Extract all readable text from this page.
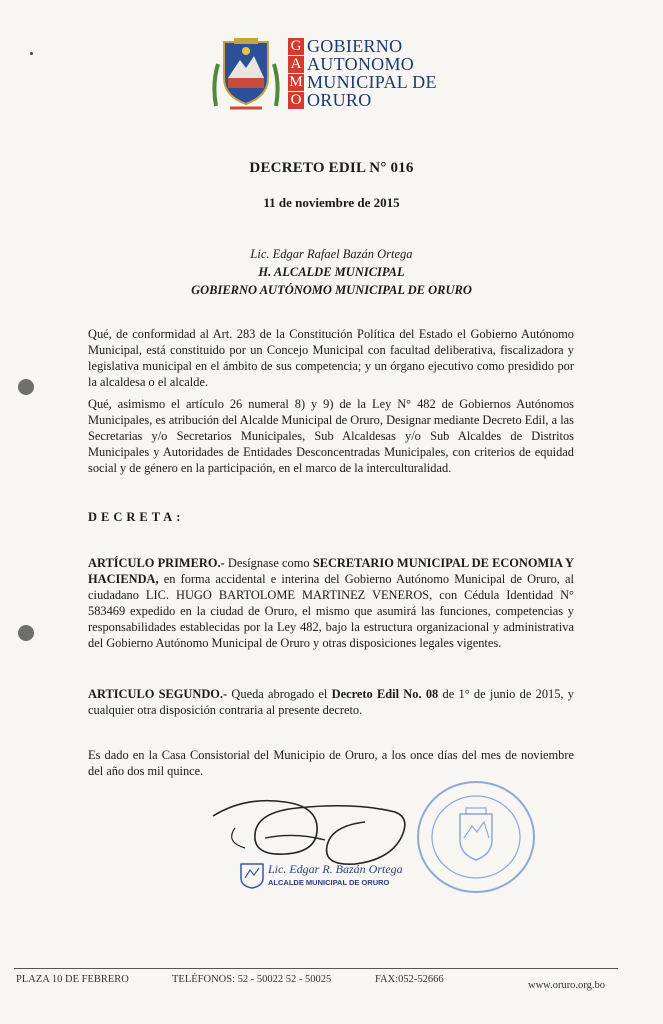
G
A
M
O
GOBIERNO
AUTONOMO
MUNICIPAL DE
ORURO
DECRETO EDIL N° 016
11 de noviembre de 2015
Lic. Edgar Rafael Bazán Ortega
H. ALCALDE MUNICIPAL
GOBIERNO AUTÓNOMO MUNICIPAL DE ORURO
Qué, de conformidad al Art. 283 de la Constitución Política del Estado el Gobierno Autónomo Municipal, está constituido por un Concejo Municipal con facultad deliberativa, fiscalizadora y legislativa municipal en el ámbito de sus competencia; y un órgano ejecutivo como presidido por la alcaldesa o el alcalde.
Qué, asimismo el artículo 26 numeral 8) y 9) de la Ley N° 482 de Gobiernos Autónomos Municipales, es atribución del Alcalde Municipal de Oruro, Designar mediante Decreto Edil, a las Secretarias y/o Secretarios Municipales, Sub Alcaldesas y/o Sub Alcaldes de Distritos Municipales y Autoridades de Entidades Desconcentradas Municipales, con criterios de equidad social y de género en la participación, en el marco de la interculturalidad.
DECRETA:
ARTÍCULO PRIMERO.- Desígnase como SECRETARIO MUNICIPAL DE ECONOMIA Y HACIENDA, en forma accidental e interina del Gobierno Autónomo Municipal de Oruro, al ciudadano LIC. HUGO BARTOLOME MARTINEZ VENEROS, con Cédula Identidad N° 583469 expedido en la ciudad de Oruro, el mismo que asumirá las funciones, competencias y responsabilidades establecidas por la Ley 482, bajo la estructura organizacional y administrativa del Gobierno Autónomo Municipal de Oruro y otras disposiciones legales vigentes.
ARTICULO SEGUNDO.- Queda abrogado el Decreto Edil No. 08 de 1° de junio de 2015, y cualquier otra disposición contraria al presente decreto.
Es dado en la Casa Consistorial del Municipio de Oruro, a los once días del mes de noviembre del año dos mil quince.
Lic. Edgar R. Bazán Ortega
ALCALDE MUNICIPAL DE ORURO
PLAZA 10 DE FEBRERO	TELÉFONOS: 52 - 50022 52 - 50025	FAX:052-52666
www.oruro.org.bo
